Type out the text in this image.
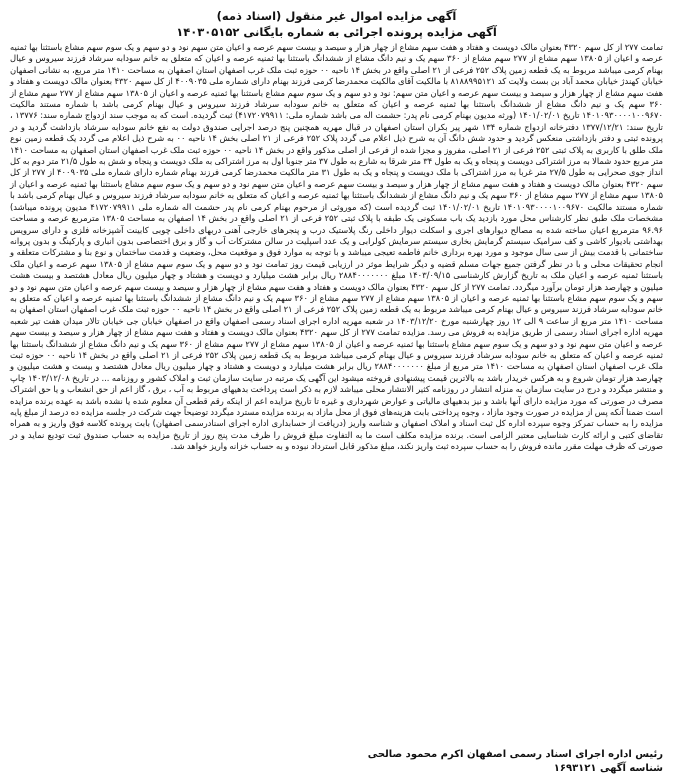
آگهی مزایده اموال غیر منقول (اسناد ذمه)
آگهی مزایده پرونده اجرائی به شماره بایگانی ۱۴۰۳۰۵۱۵۲

تمامت ۲۷۷ از کل سهم ۴۳۲۰ بعنوان مالک دویست و هفتاد و هفت سهم مشاع از چهار هزار و سیصد و بیست سهم عرصه و اعیان متن سهم نود و دو سهم و یک سوم سهم مشاع باستثنا بها ثمنیه عرصه و اعیان از ۱۳۸۰۵ سهم مشاع از ۲۷۷ سهم مشاع از ۳۶۰ سهم یک و نیم دانگ مشاع از ششدانگ باستثنا بها ثمنیه عرصه و اعیان که متعلق به خانم سودابه سرشاد فرزند سیروس و عیال بهنام کرمی میباشد مربوط به یک قطعه زمین پلاک ۲۵۲ فرعی از ۲۱ اصلی واقع در بخش ۱۴ ناحیه ۰۰ حوزه ثبت ملک غرب اصفهان استان اصفهان به مساحت ۱۴۱۰ متر مربع، به نشانی اصفهان خیابان کهندژ خیابان محمد آباد بن بست ولایت کد ۸۱۸۸۹۹۵۱۲۱ با مالکیت آقای مالکیت محمدرضا کرمی فرزند بهنام دارای شماره ملی ۴۰۰۹۰۳۵ از کل سهم ۴۳۲۰ بعنوان مالک دویست و هفتاد و هفت سهم مشاع از چهار هزار و سیصد و بیست سهم عرصه و اعیان متن سهم: نود و دو سهم و یک سوم سهم مشاع باستثنا بها ثمنیه عرصه و اعیان از ۱۳۸۰۵ سهم مشاع از ۲۷۷ سهم مشاع از ۳۶۰ سهم یک و نیم دانگ مشاع از ششدانگ باستثنا بها ثمنیه عرصه و اعیان که متعلق به خانم سودابه سرشاد فرزند سیروس و عیال بهنام کرمی باشد با شماره مستند مالکیت ۱۴۰۱۰۹۳۰۰۰۰۱۰۰۹۶۷۰ تاریخ ۱۴۰۱/۰۲/۰۱ (ورثه مدیون بهنام کرمی نام پدر: حشمت اله می باشد شماره ملی: ۴۱۷۲۰۷۹۹۱۱) ثبت گردیده. است که به موجب سند ازدواج شماره سند: ۱۳۷۷۶ ، تاریخ سند: ۱۳۷۷/۱۲/۲۱ دفترخانه ازدواج شماره ۱۳۴ شهر پیر بکران استان اصفهان در قبال مهریه همچنین پنج درصد اجرایی صندوق دولت به نفع خانم سودابه سرشاد بازداشت گردید و در پرونده ثبتی و دفتر بازداشتی منعکس گردید و حدود شش دانگ آن به شرح ذیل اعلام می گردد پلاک ۲۵۲ فرعی از ۲۱ اصلی بخش ۱۴ ناحیه ۰۰ به شرح ذیل اعلام می گردد یک قطعه زمین نوع ملک طلق با کاربری به پلاک ثبتی ۲۵۲ فرعی از ۲۱ اصلی، مفروز و مجزا شده از فرعی از اصلی مذکور واقع در بخش ۱۴ ناحیه ۰۰ حوزه ثبت ملک غرب اصفهان استان اصفهان به مساحت ۱۴۱۰ متر مربع حدود شمالا به مرز اشتراکی دویست و پنجاه و یک به طول ۳۴ متر شرقا به شارع به طول ۳۷ متر جنوبا اول به مرز اشتراکی به ملک دویست و پنجاه و شش به طول ۲۱/۵ متر دوم به کل انداز جوی صحرایی به طول ۲۷/۵ متر غربا به مرز اشتراکی با ملک دویست و پنجاه و یک به طول ۳۱ متر مالکیت محمدرضا کرمی فرزند بهنام شماره دارای شماره ملی ۴۰۰۹۰۳۵ از ۲۷۷ از کل سهم ۴۳۲۰ بعنوان مالک دویست و هفتاد و هفت سهم مشاع از چهار هزار و سیصد و بیست سهم عرصه و اعیان متن سهم نود و دو سهم و یک سوم سهم مشاع باستثنا بها ثمنیه عرصه و اعیان از ۱۳۸۰۵ سهم مشاع از ۲۷۷ سهم مشاع از ۳۶۰ سهم یک و نیم دانگ مشاع از ششدانگ باستثنا بها ثمنیه عرصه و اعیان که متعلق به خانم سودابه سرشاد فرزند سیروس و عیال بهنام کرمی باشد با شماره مستند مالکیت ۱۴۰۱۰۹۳۰۰۰۰۱۰۰۹۶۷۰ تاریخ ۱۴۰۱/۰۲/۰۱ ثبت گردیده است (که موروثی از مرحوم بهنام کرمی نام پدر حشمت اله شماره ملی ۴۱۷۲۰۷۹۹۱۱ مدیون پرونده میباشد) مشخصات ملک طبق نظر کارشناس محل مورد بازدید یک باب مسکونی یک طبقه با پلاک ثبتی ۲۵۲ فرعی از ۲۱ اصلی واقع در بخش ۱۴ اصفهان به مساحت ۱۳۸۰۵ مترمربع عرصه و مساحت ۹۶.۹۶ مترمربع اعیان ساخته شده به مصالح دیوارهای اجری و اسکلت دیوار داخلی رنگ پلاستیک درب و پنجرهای خارجی آهنی دربهای داخلی چوبی کابینت آشپزخانه فلزی و دارای سرویس بهداشتی بادیوار کاشی و کف سرامیک سیستم گرمایش بخاری سیستم سرمایش کولرابی و یک عدد اسپلیت در سالن مشترکات آب و گاز و برق اختصاصی بدون انباری و پارکینگ و بدون پروانه ساختمانی با قدمت بیش از سی سال موجود و مورد بهره برداری خانم فاطمه تعیجی میباشد و با توجه به موارد فوق و موقعیت محل، وضعیت و قدمت ساختمان و نوع بنا و مشترکات متعلقه و انجام تحقیقات محلی و با در نظر گرفتن جمیع جهات مسلم قضیه و دیگر شرایط موثر در ارزیابی قیمت روز تمامت نود و دو سهم و یک سوم سهم مشاع از ۱۳۸۰۵ سهم عرصه و اعیان ملک باستثنا ثمنیه عرصه و اعیان ملک به تاریخ گزارش کارشناسی ۱۴۰۳/۰۹/۱۵ مبلغ ۲۸۸۴۰۰۰۰۰۰۰ ریال برابر هشت میلیارد و دویست و هشتاد و چهار میلیون ریال معادل هشتصد و بیست هشت میلیون و چهارصد هزار تومان برآورد میگردد. تمامت ۲۷۷ از کل سهم ۴۳۲۰ بعنوان مالک دویست و هفتاد و هفت سهم مشاع از چهار هزار و سیصد و بیست سهم عرصه و اعیان متن سهم نود و دو سهم و یک سوم سهم مشاع باستثنا بها ثمنیه عرصه و اعیان از ۱۳۸۰۵ سهم مشاع از ۲۷۷ سهم مشاع از ۳۶۰ سهم یک و نیم دانگ مشاع از ششدانگ باستثنا بها ثمنیه عرصه و اعیان که متعلق به خانم سودابه سرشاد فرزند سیروس و عیال بهنام کرمی میباشد مربوط به یک قطعه زمین پلاک ۲۵۲ فرعی از ۲۱ اصلی واقع در بخش ۱۴ ناحیه ۰۰ حوزه ثبت ملک غرب اصفهان استان اصفهان به مساحت ۱۴۱۰ متر مربع از ساعت ۹ الی ۱۲ روز چهارشنبه مورخ ۱۴۰۳/۱۲/۲۰ در شعبه مهریه اداره اجرای اسناد رسمی اصفهان واقع در اصفهان خیابان جی خیابان تالار میدان هفت تیر شعبه مهریه اداره اجرای اسناد رسمی از طریق مزایده به فروش می رسد. مزایده تمامت ۲۷۷ از کل سهم ۴۳۲۰ بعنوان مالک دویست و هفتاد و هفت سهم مشاع از چهار هزار و سیصد و بیست سهم عرصه و اعیان متن سهم نود و دو سهم و یک سوم سهم مشاع باستثنا بها ثمنیه عرصه و اعیان از ۱۳۸۰۵ سهم مشاع از ۲۷۷ سهم مشاع از ۳۶۰ سهم یک و نیم دانگ مشاع از ششدانگ باستثنا بها ثمنیه عرصه و اعیان که متعلق به خانم سودابه سرشاد فرزند سیروس و عیال بهنام کرمی میباشد مربوط به یک قطعه زمین پلاک ۲۵۲ فرعی از ۲۱ اصلی واقع در بخش ۱۴ ناحیه ۰۰ حوزه ثبت ملک غرب اصفهان استان اصفهان به مساحت ۱۴۱۰ متر مربع از مبلغ ۲۸۸۴۰۰۰۰۰۰۰ ریال برابر هشت میلیارد و دویست و هشتاد و چهار میلیون ریال معادل هشتصد و بیست و هشت میلیون و چهارصد هزار تومان شروع و به هرکس خریدار باشد به بالاترین قیمت پیشنهادی فروخته میشود این آگهی یک مرتبه در سایت سازمان ثبت و املاک کشور و روزنامه ... در تاریخ ۱۴۰۳/۱۲/۰۸ چاپ و منتشر میگردد و درج در سایت سازمان به منزله انتشار در روزنامه کثیر الانتشار محلی میباشد لازم به ذکر است پرداخت بدهیهای مربوط به آب ، برق ، گاز اعم از حق انشعاب و یا حق اشتراک مصرف در صورتی که مورد مزایده دارای آنها باشد و نیز بدهیهای مالیاتی و عوارض شهرداری و غیره تا تاریخ مزایده اعم از اینکه رقم قطعی آن معلوم شده یا نشده باشد به عهده برنده مزایده است ضمنا آنکه پس از مزایده در صورت وجود مازاد ، وجوه پرداختی بابت هزینه‌های فوق از محل مازاد به برنده مزایده مسترد میگردد توضیحاً جهت شرکت در جلسه مزایده ده درصد از مبلغ پایه مزایده را به حساب تمرکز وجوه سپرده اداره کل ثبت اسناد و املاک اصفهان و شناسه واریز (دریافت از حسابداری اداره اجرای اسنادرسمی اصفهان) بابت پرونده کلاسه فوق واریز و به همراه تقاضای کتبی و ارائه کارت شناسایی معتبر الزامی است. برنده مزایده مکلف است ما به التفاوت مبلغ فروش را ظرف مدت پنج روز از تاریخ مزایده به حساب صندوق ثبت تودیع نماید و در صورتی که ظرف مهلت مقرر مانده فروش را به حساب سپرده ثبت واریز نکند، مبلغ مذکور قابل استرداد نبوده و به حساب خزانه واریز خواهد شد.

رئیس اداره اجرای اسناد رسمی اصفهان اکرم محمود صالحی
شناسه آگهی ۱۶۹۳۱۲۱
